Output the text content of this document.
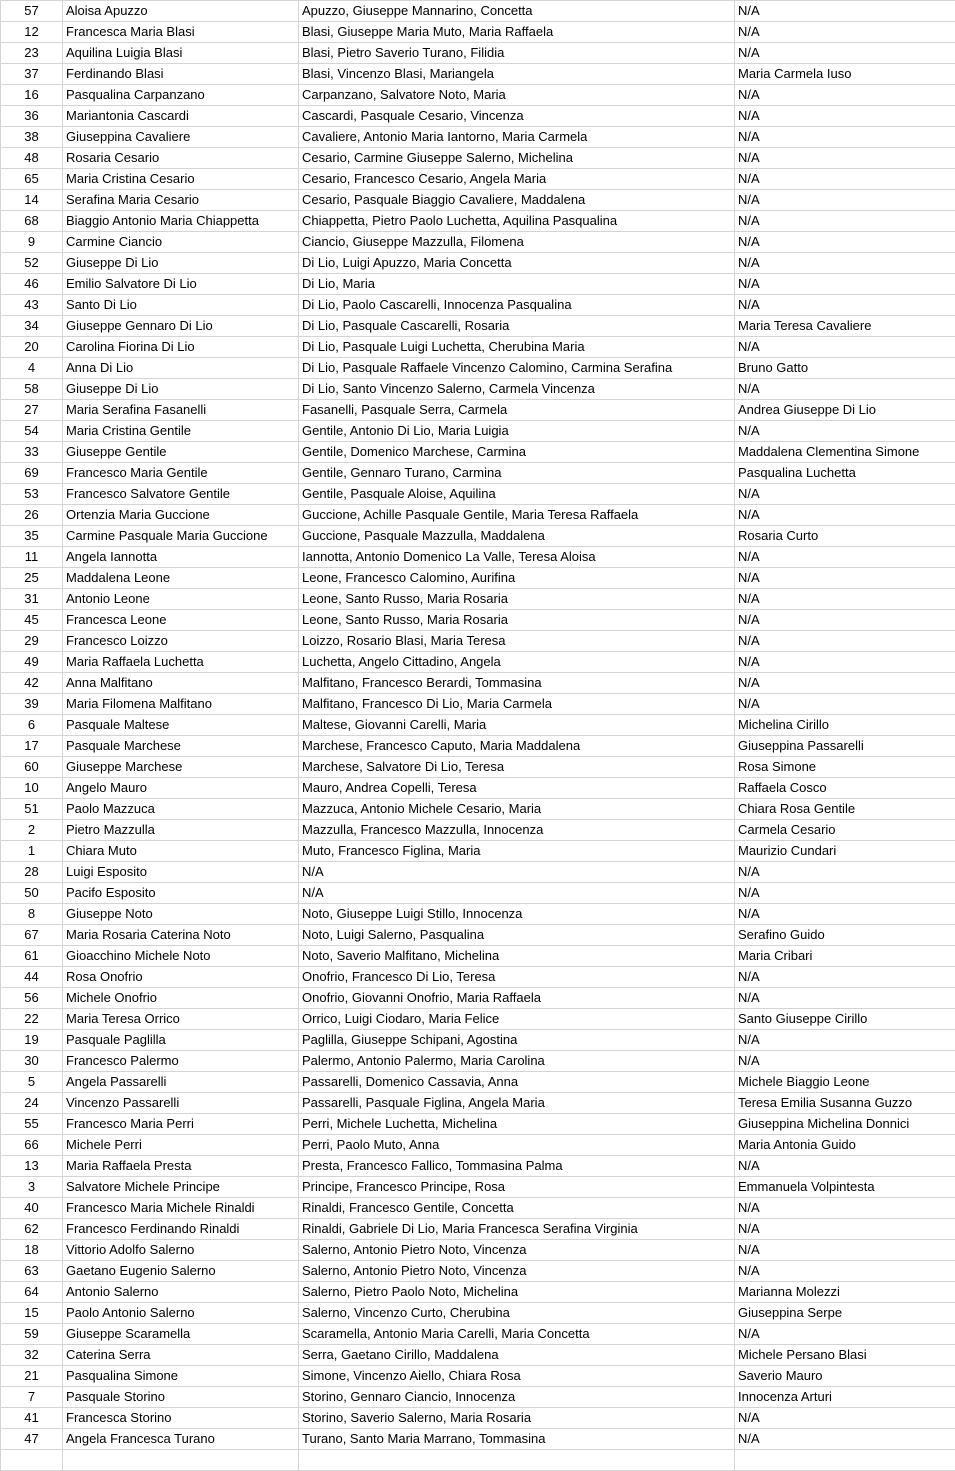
57	Aloisa Apuzzo	Apuzzo, Giuseppe Mannarino, Concetta	N/A
12	Francesca Maria Blasi	Blasi, Giuseppe Maria Muto, Maria Raffaela	N/A
23	Aquilina Luigia Blasi	Blasi, Pietro Saverio Turano, Filidia	N/A
37	Ferdinando Blasi	Blasi, Vincenzo Blasi, Mariangela	Maria Carmela Iuso
16	Pasqualina Carpanzano	Carpanzano, Salvatore Noto, Maria	N/A
36	Mariantonia Cascardi	Cascardi, Pasquale Cesario, Vincenza	N/A
38	Giuseppina Cavaliere	Cavaliere, Antonio Maria Iantorno, Maria Carmela	N/A
48	Rosaria Cesario	Cesario, Carmine Giuseppe Salerno, Michelina	N/A
65	Maria Cristina Cesario	Cesario, Francesco Cesario, Angela Maria	N/A
14	Serafina Maria Cesario	Cesario, Pasquale Biaggio Cavaliere, Maddalena	N/A
68	Biaggio Antonio Maria Chiappetta	Chiappetta, Pietro Paolo Luchetta, Aquilina Pasqualina	N/A
9	Carmine Ciancio	Ciancio, Giuseppe Mazzulla, Filomena	N/A
52	Giuseppe Di Lio	Di Lio, Luigi Apuzzo, Maria Concetta	N/A
46	Emilio Salvatore Di Lio	Di Lio, Maria	N/A
43	Santo Di Lio	Di Lio, Paolo Cascarelli, Innocenza Pasqualina	N/A
34	Giuseppe Gennaro Di Lio	Di Lio, Pasquale Cascarelli, Rosaria	Maria Teresa Cavaliere
20	Carolina Fiorina Di Lio	Di Lio, Pasquale Luigi Luchetta, Cherubina Maria	N/A
4	Anna Di Lio	Di Lio, Pasquale Raffaele Vincenzo Calomino, Carmina Serafina	Bruno Gatto
58	Giuseppe Di Lio	Di Lio, Santo Vincenzo Salerno, Carmela Vincenza	N/A
27	Maria Serafina Fasanelli	Fasanelli, Pasquale Serra, Carmela	Andrea Giuseppe Di Lio
54	Maria Cristina Gentile	Gentile, Antonio Di Lio, Maria Luigia	N/A
33	Giuseppe Gentile	Gentile, Domenico Marchese, Carmina	Maddalena Clementina Simone
69	Francesco Maria Gentile	Gentile, Gennaro Turano, Carmina	Pasqualina Luchetta
53	Francesco Salvatore Gentile	Gentile, Pasquale Aloise, Aquilina	N/A
26	Ortenzia Maria Guccione	Guccione, Achille Pasquale Gentile, Maria Teresa Raffaela	N/A
35	Carmine Pasquale Maria Guccione	Guccione, Pasquale Mazzulla, Maddalena	Rosaria Curto
11	Angela Iannotta	Iannotta, Antonio Domenico La Valle, Teresa Aloisa	N/A
25	Maddalena Leone	Leone, Francesco Calomino, Aurifina	N/A
31	Antonio Leone	Leone, Santo Russo, Maria Rosaria	N/A
45	Francesca Leone	Leone, Santo Russo, Maria Rosaria	N/A
29	Francesco Loizzo	Loizzo, Rosario Blasi, Maria Teresa	N/A
49	Maria Raffaela Luchetta	Luchetta, Angelo Cittadino, Angela	N/A
42	Anna Malfitano	Malfitano, Francesco Berardi, Tommasina	N/A
39	Maria Filomena Malfitano	Malfitano, Francesco Di Lio, Maria Carmela	N/A
6	Pasquale Maltese	Maltese, Giovanni Carelli, Maria	Michelina Cirillo
17	Pasquale Marchese	Marchese, Francesco Caputo, Maria Maddalena	Giuseppina Passarelli
60	Giuseppe Marchese	Marchese, Salvatore Di Lio, Teresa	Rosa Simone
10	Angelo Mauro	Mauro, Andrea Copelli, Teresa	Raffaela Cosco
51	Paolo Mazzuca	Mazzuca, Antonio Michele Cesario, Maria	Chiara Rosa Gentile
2	Pietro Mazzulla	Mazzulla, Francesco Mazzulla, Innocenza	Carmela Cesario
1	Chiara Muto	Muto, Francesco Figlina, Maria	Maurizio Cundari
28	Luigi Esposito	N/A	N/A
50	Pacifo Esposito	N/A	N/A
8	Giuseppe Noto	Noto, Giuseppe Luigi Stillo, Innocenza	N/A
67	Maria Rosaria Caterina Noto	Noto, Luigi Salerno, Pasqualina	Serafino Guido
61	Gioacchino Michele Noto	Noto, Saverio Malfitano, Michelina	Maria Cribari
44	Rosa Onofrio	Onofrio, Francesco Di Lio, Teresa	N/A
56	Michele Onofrio	Onofrio, Giovanni Onofrio, Maria Raffaela	N/A
22	Maria Teresa Orrico	Orrico, Luigi Ciodaro, Maria Felice	Santo Giuseppe Cirillo
19	Pasquale Paglilla	Paglilla, Giuseppe Schipani, Agostina	N/A
30	Francesco Palermo	Palermo, Antonio Palermo, Maria Carolina	N/A
5	Angela Passarelli	Passarelli, Domenico Cassavia, Anna	Michele Biaggio Leone
24	Vincenzo Passarelli	Passarelli, Pasquale Figlina, Angela Maria	Teresa Emilia Susanna Guzzo
55	Francesco Maria Perri	Perri, Michele Luchetta, Michelina	Giuseppina Michelina Donnici
66	Michele Perri	Perri, Paolo Muto, Anna	Maria Antonia Guido
13	Maria Raffaela Presta	Presta, Francesco Fallico, Tommasina Palma	N/A
3	Salvatore Michele Principe	Principe, Francesco Principe, Rosa	Emmanuela Volpintesta
40	Francesco Maria Michele Rinaldi	Rinaldi, Francesco Gentile, Concetta	N/A
62	Francesco Ferdinando Rinaldi	Rinaldi, Gabriele Di Lio, Maria Francesca Serafina Virginia	N/A
18	Vittorio Adolfo Salerno	Salerno, Antonio Pietro Noto, Vincenza	N/A
63	Gaetano Eugenio Salerno	Salerno, Antonio Pietro Noto, Vincenza	N/A
64	Antonio Salerno	Salerno, Pietro Paolo Noto, Michelina	Marianna Molezzi
15	Paolo Antonio Salerno	Salerno, Vincenzo Curto, Cherubina	Giuseppina Serpe
59	Giuseppe Scaramella	Scaramella, Antonio Maria Carelli, Maria Concetta	N/A
32	Caterina Serra	Serra, Gaetano Cirillo, Maddalena	Michele Persano Blasi
21	Pasqualina Simone	Simone, Vincenzo Aiello, Chiara Rosa	Saverio Mauro
7	Pasquale Storino	Storino, Gennaro Ciancio, Innocenza	Innocenza Arturi
41	Francesca Storino	Storino, Saverio Salerno, Maria Rosaria	N/A
47	Angela Francesca Turano	Turano, Santo Maria Marrano, Tommasina	N/A
